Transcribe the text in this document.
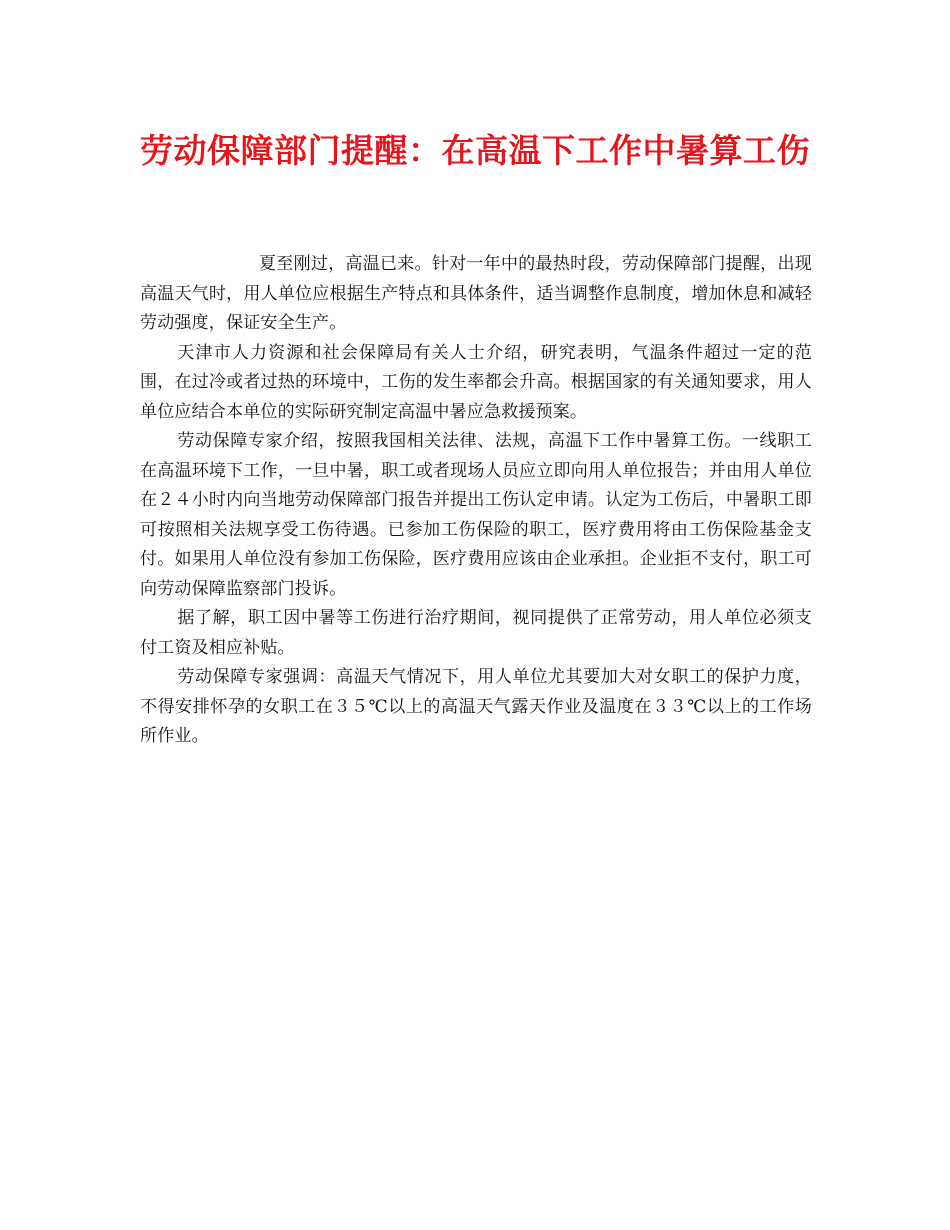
劳动保障部门提醒：在高温下工作中暑算工伤

夏至刚过，高温已来。针对一年中的最热时段，劳动保障部门提醒，出现高温天气时，用人单位应根据生产特点和具体条件，适当调整作息制度，增加休息和减轻劳动强度，保证安全生产。

天津市人力资源和社会保障局有关人士介绍，研究表明，气温条件超过一定的范围，在过冷或者过热的环境中，工伤的发生率都会升高。根据国家的有关通知要求，用人单位应结合本单位的实际研究制定高温中暑应急救援预案。

劳动保障专家介绍，按照我国相关法律、法规，高温下工作中暑算工伤。一线职工在高温环境下工作，一旦中暑，职工或者现场人员应立即向用人单位报告；并由用人单位在２４小时内向当地劳动保障部门报告并提出工伤认定申请。认定为工伤后，中暑职工即可按照相关法规享受工伤待遇。已参加工伤保险的职工，医疗费用将由工伤保险基金支付。如果用人单位没有参加工伤保险，医疗费用应该由企业承担。企业拒不支付，职工可向劳动保障监察部门投诉。

据了解，职工因中暑等工伤进行治疗期间，视同提供了正常劳动，用人单位必须支付工资及相应补贴。

劳动保障专家强调：高温天气情况下，用人单位尤其要加大对女职工的保护力度，不得安排怀孕的女职工在３５℃以上的高温天气露天作业及温度在３３℃以上的工作场所作业。
